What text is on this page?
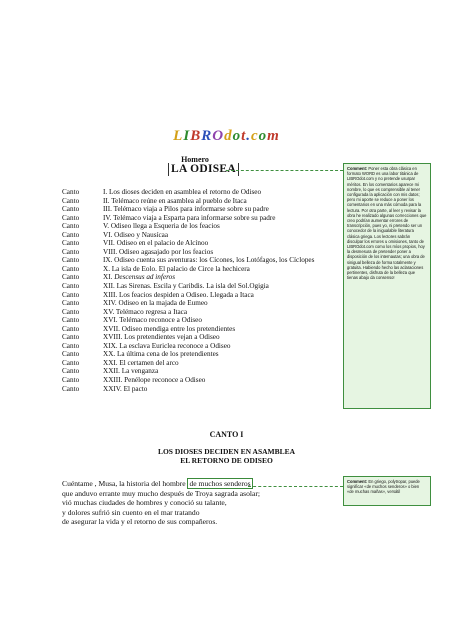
LIBROdot.com
Homero
LA ODISEA	Comment: Poner esta obra clásica en formato WORD es una labor titánica de LIBROdot.com y no pretende usurpar méritos. En los comentarios aparece mi nombre, lo que es comprensible al tener configurada la aplicación con mis datos; pero mi aporte se reduce a poner los comentarios en una más cómoda para la lectura. Por otra parte, al leer y revisar la obra he realizado algunas correcciones que creo podrían aumentar errores de transcripción, pues yo, ni pretendo ser un conocedor de la inigualable literatura clásica griega. Los lectores sabrán disculpar los errores u omisiones, tanto de LIBROdot.com como los míos propios, hoy la desmesura de pretender poner a disposición de los internautas; una obra de sinigual belleza de forma totalmente y gratuita. Habiendo hecho las aclaraciones pertinentes, disfruta de la belleza que tienas abajo da consenso!
Canto	I. Los dioses deciden en asamblea el retorno de Odiseo
Canto	II. Telémaco reúne en asamblea al pueblo de Itaca
Canto	III. Telémaco viaja a Pilos para informarse sobre su padre
Canto	IV. Telémaco viaja a Esparta para informarse sobre su padre
Canto	V. Odiseo llega a Esqueria de los feacios
Canto	VI. Odiseo y Nausícaa
Canto	VII. Odiseo en el palacio de Alcínoo
Canto	VIII. Odiseo agasajado por los feacios
Canto	IX. Odiseo cuenta sus aventuras: los Cícones, los Lotófagos, los Cíclopes
Canto	X. La isla de Eolo. El palacio de Circe la hechicera
Canto	XI. Descensus ad inferos
Canto	XII. Las Sirenas. Escila y Caribdis. La isla del Sol.Ogigia
Canto	XIII. Los feacios despiden a Odiseo. Llegada a Itaca
Canto	XIV. Odiseo en la majada de Eumeo
Canto	XV. Telémaco regresa a Itaca
Canto	XVI. Telémaco reconoce a Odiseo
Canto	XVII. Odiseo mendiga entre los pretendientes
Canto	XVIII. Los pretendientes vejan a Odiseo
Canto	XIX. La esclava Euriclea reconoce a Odiseo
Canto	XX. La última cena de los pretendientes
Canto	XXI. El certamen del arco
Canto	XXII. La venganza
Canto	XXIII. Penélope reconoce a Odiseo
Canto	XXIV. El pacto
CANTO I
LOS DIOSES DECIDEN EN ASAMBLEA
EL RETORNO DE ODISEO
Cuéntame , Musa, la historia del hombre de muchos senderos
que anduvo errante muy mucho después de Troya sagrada asolar;
vió muchas ciudades de hombres y conoció su talante,
y dolores sufrió sin cuento en el mar tratando
de asegurar la vida y el retorno de sus compañeros.
Comment: En griego, polytropar, puede significar «de muchos senderos» o bien «de muchas mañas», versátil
